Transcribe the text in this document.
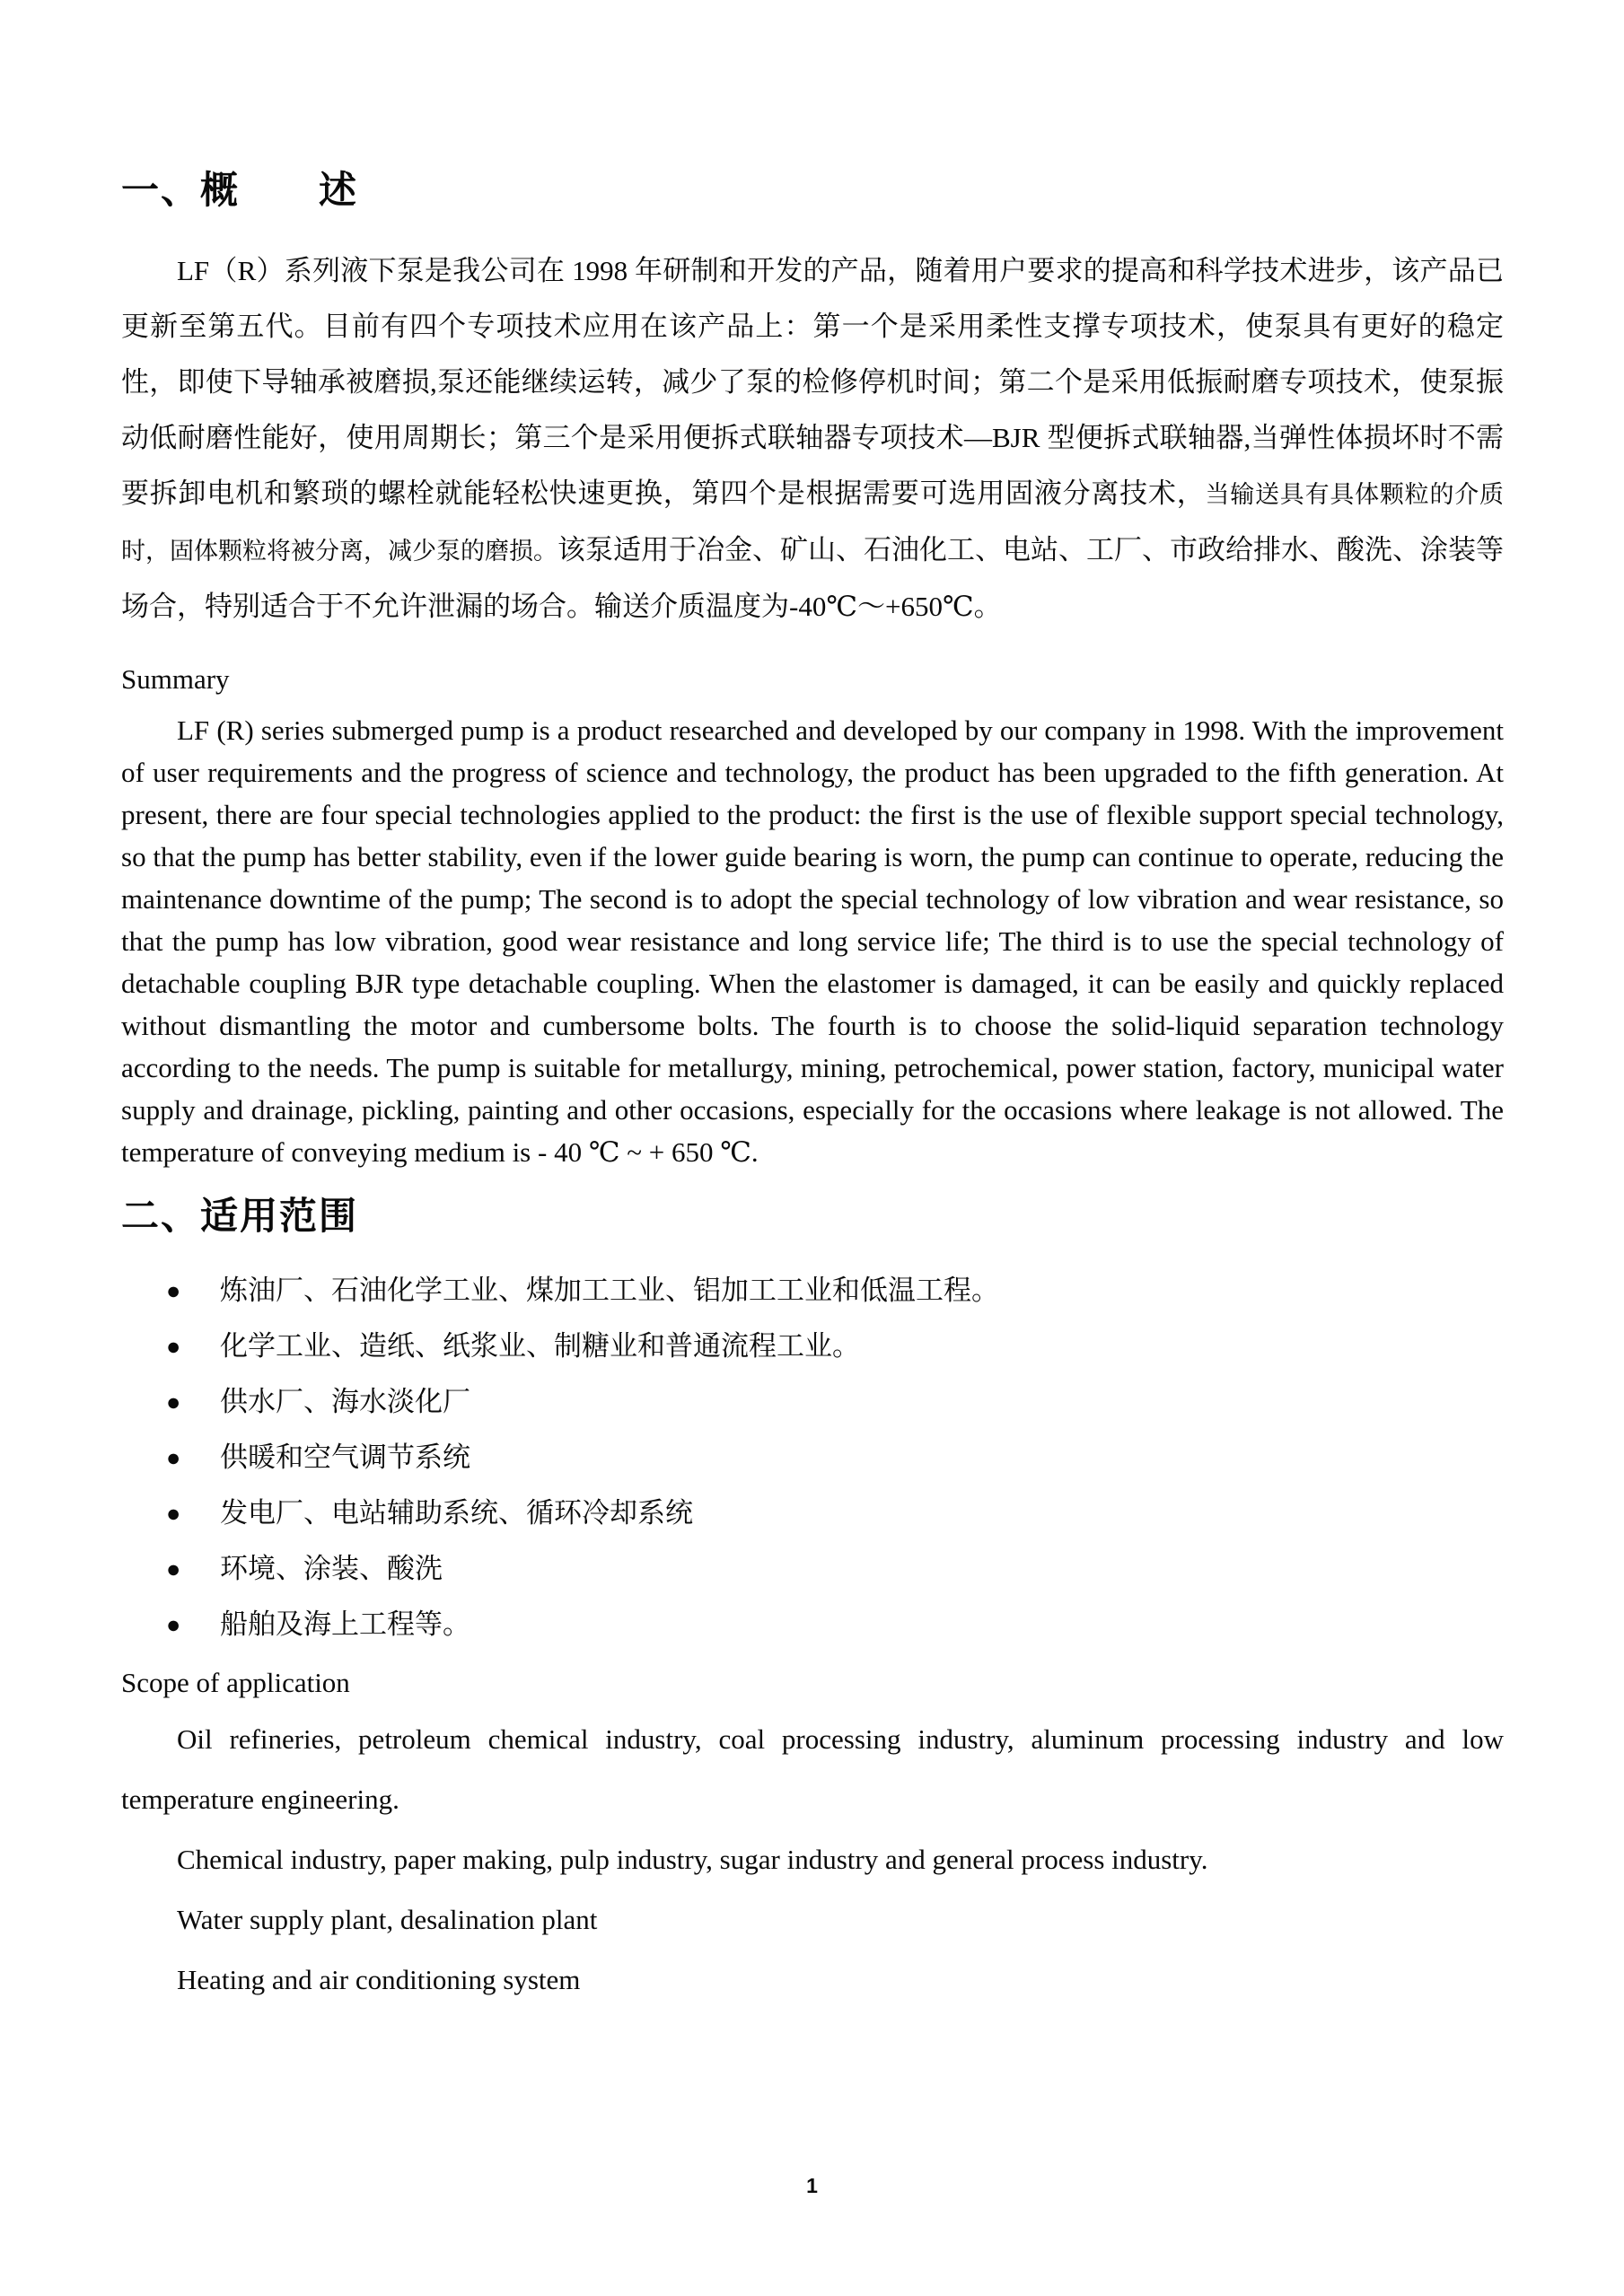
一、概　　述

LF（R）系列液下泵是我公司在 1998 年研制和开发的产品，随着用户要求的提高和科学技术进步，该产品已更新至第五代。目前有四个专项技术应用在该产品上：第一个是采用柔性支撑专项技术，使泵具有更好的稳定性，即使下导轴承被磨损,泵还能继续运转，减少了泵的检修停机时间；第二个是采用低振耐磨专项技术，使泵振动低耐磨性能好，使用周期长；第三个是采用便拆式联轴器专项技术—BJR 型便拆式联轴器,当弹性体损坏时不需要拆卸电机和繁琐的螺栓就能轻松快速更换，第四个是根据需要可选用固液分离技术，当输送具有具体颗粒的介质时，固体颗粒将被分离，减少泵的磨损。该泵适用于冶金、矿山、石油化工、电站、工厂、市政给排水、酸洗、涂装等场合，特别适合于不允许泄漏的场合。输送介质温度为-40℃～+650℃。

Summary

LF (R) series submerged pump is a product researched and developed by our company in 1998. With the improvement of user requirements and the progress of science and technology, the product has been upgraded to the fifth generation. At present, there are four special technologies applied to the product: the first is the use of flexible support special technology, so that the pump has better stability, even if the lower guide bearing is worn, the pump can continue to operate, reducing the maintenance downtime of the pump; The second is to adopt the special technology of low vibration and wear resistance, so that the pump has low vibration, good wear resistance and long service life; The third is to use the special technology of detachable coupling BJR type detachable coupling. When the elastomer is damaged, it can be easily and quickly replaced without dismantling the motor and cumbersome bolts. The fourth is to choose the solid-liquid separation technology according to the needs. The pump is suitable for metallurgy, mining, petrochemical, power station, factory, municipal water supply and drainage, pickling, painting and other occasions, especially for the occasions where leakage is not allowed. The temperature of conveying medium is - 40 ℃ ~ + 650 ℃.

二、适用范围
● 炼油厂、石油化学工业、煤加工工业、铝加工工业和低温工程。
● 化学工业、造纸、纸浆业、制糖业和普通流程工业。
● 供水厂、海水淡化厂
● 供暖和空气调节系统
● 发电厂、电站辅助系统、循环冷却系统
● 环境、涂装、酸洗
● 船舶及海上工程等。

Scope of application

Oil refineries, petroleum chemical industry, coal processing industry, aluminum processing industry and low temperature engineering.

Chemical industry, paper making, pulp industry, sugar industry and general process industry.

Water supply plant, desalination plant

Heating and air conditioning system

1
